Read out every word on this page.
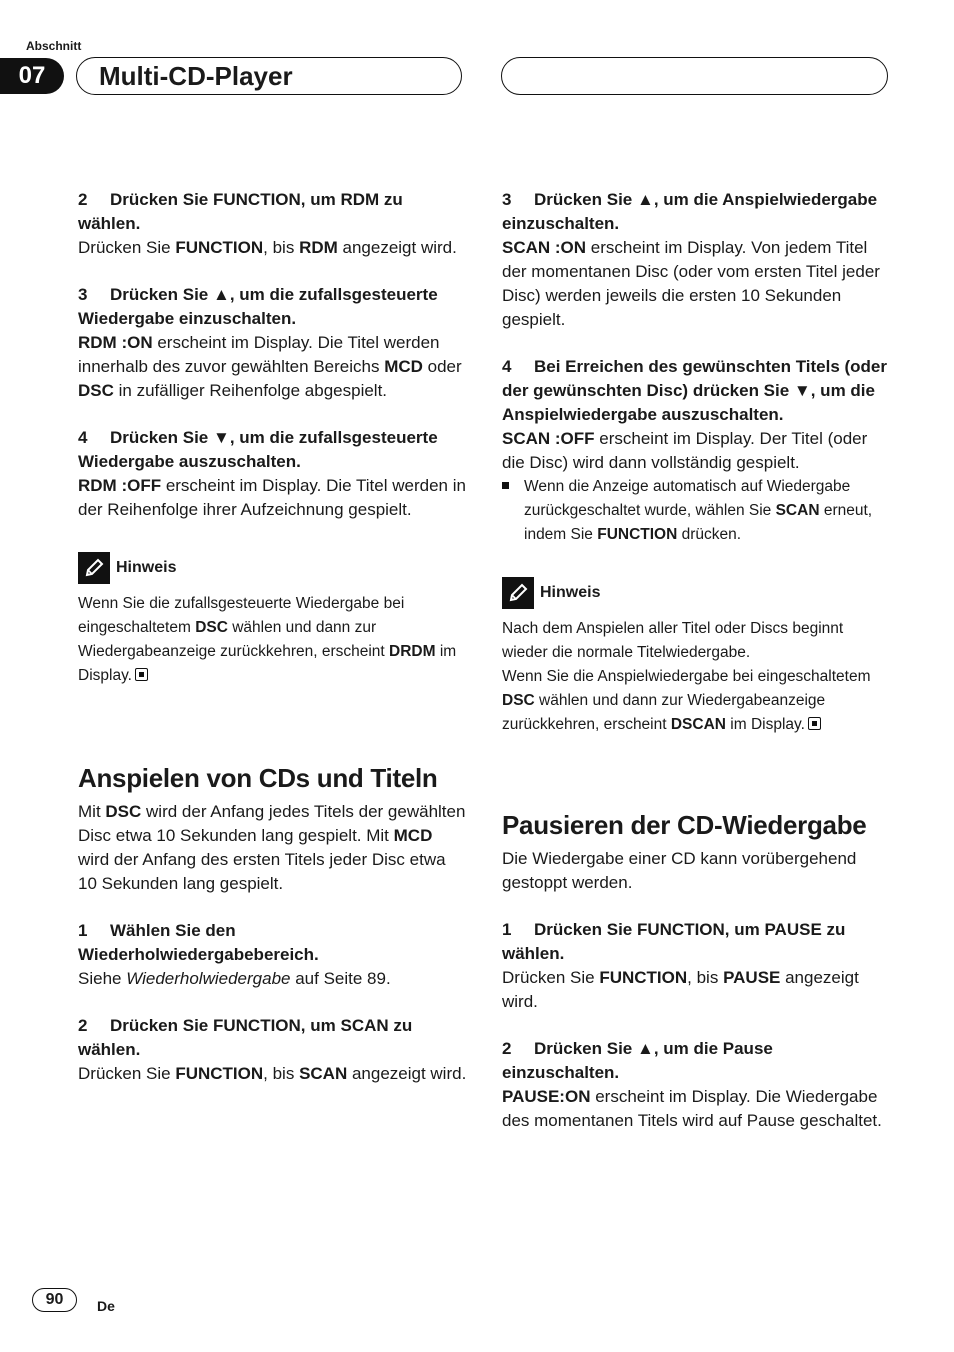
Abschnitt
07	Multi-CD-Player
2 Drücken Sie FUNCTION, um RDM zu wählen.
Drücken Sie FUNCTION, bis RDM angezeigt wird.
3 Drücken Sie ▲, um die zufallsgesteuerte Wiedergabe einzuschalten.
RDM :ON erscheint im Display. Die Titel werden innerhalb des zuvor gewählten Bereichs MCD oder DSC in zufälliger Reihenfolge abgespielt.
4 Drücken Sie ▼, um die zufallsgesteuerte Wiedergabe auszuschalten.
RDM :OFF erscheint im Display. Die Titel werden in der Reihenfolge ihrer Aufzeichnung gespielt.
Hinweis
Wenn Sie die zufallsgesteuerte Wiedergabe bei eingeschaltetem DSC wählen und dann zur Wiedergabeanzeige zurückkehren, erscheint DRDM im Display.
Anspielen von CDs und Titeln
Mit DSC wird der Anfang jedes Titels der gewählten Disc etwa 10 Sekunden lang gespielt. Mit MCD wird der Anfang des ersten Titels jeder Disc etwa 10 Sekunden lang gespielt.
1 Wählen Sie den Wiederholwiedergabebereich.
Siehe Wiederholwiedergabe auf Seite 89.
2 Drücken Sie FUNCTION, um SCAN zu wählen.
Drücken Sie FUNCTION, bis SCAN angezeigt wird.
3 Drücken Sie ▲, um die Anspielwiedergabe einzuschalten.
SCAN :ON erscheint im Display. Von jedem Titel der momentanen Disc (oder vom ersten Titel jeder Disc) werden jeweils die ersten 10 Sekunden gespielt.
4 Bei Erreichen des gewünschten Titels (oder der gewünschten Disc) drücken Sie ▼, um die Anspielwiedergabe auszuschalten.
SCAN :OFF erscheint im Display. Der Titel (oder die Disc) wird dann vollständig gespielt.
Wenn die Anzeige automatisch auf Wiedergabe zurückgeschaltet wurde, wählen Sie SCAN erneut, indem Sie FUNCTION drücken.
Hinweis
Nach dem Anspielen aller Titel oder Discs beginnt wieder die normale Titelwiedergabe.
Wenn Sie die Anspielwiedergabe bei eingeschaltetem DSC wählen und dann zur Wiedergabeanzeige zurückkehren, erscheint DSCAN im Display.
Pausieren der CD-Wiedergabe
Die Wiedergabe einer CD kann vorübergehend gestoppt werden.
1 Drücken Sie FUNCTION, um PAUSE zu wählen.
Drücken Sie FUNCTION, bis PAUSE angezeigt wird.
2 Drücken Sie ▲, um die Pause einzuschalten.
PAUSE:ON erscheint im Display. Die Wiedergabe des momentanen Titels wird auf Pause geschaltet.
90	De
